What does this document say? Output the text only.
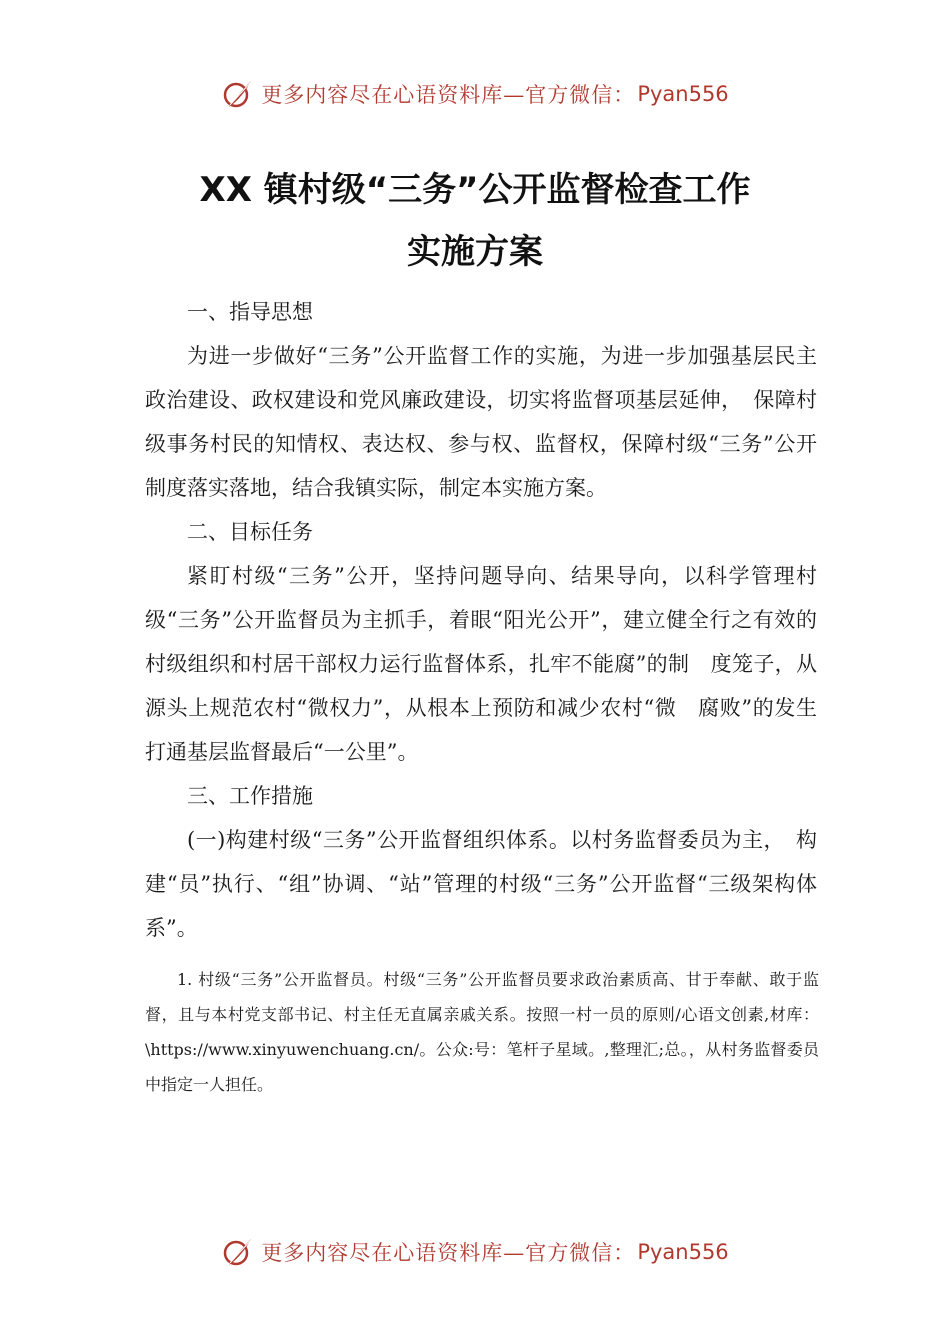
更多内容尽在心语资料库—官方微信： Pyan556
XX 镇村级“三务”公开监督检查工作
实施方案

一、指导思想

为进一步做好“三务”公开监督工作的实施，为进一步加强基层民主政治建设、政权建设和党风廉政建设，切实将监督项基层延伸，　保障村级事务村民的知情权、表达权、参与权、监督权，保障村级“三务”公开制度落实落地，结合我镇实际，制定本实施方案。

二、目标任务

紧盯村级“三务”公开，坚持问题导向、结果导向，以科学管理村级“三务”公开监督员为主抓手，着眼“阳光公开”，建立健全行之有效的村级组织和村居干部权力运行监督体系，扎牢不能腐”的制　度笼子，从源头上规范农村“微权力”，从根本上预防和减少农村“微　腐败”的发生打通基层监督最后“一公里”。

三、工作措施

(一)构建村级“三务”公开监督组织体系。以村务监督委员为主，　构建“员”执行、“组”协调、“站”管理的村级“三务”公开监督“三级架构体系”。

1. 村级“三务”公开监督员。村级“三务”公开监督员要求政治素质高、甘于奉献、敢于监督，且与本村党支部书记、村主任无直属亲戚关系。按照一村一员的原则/心语文创素,材库：\https://www.xinyuwenchuang.cn/。公众:号：笔杆子星域。,整理汇;总。，从村务监督委员中指定一人担任。

更多内容尽在心语资料库—官方微信： Pyan556
